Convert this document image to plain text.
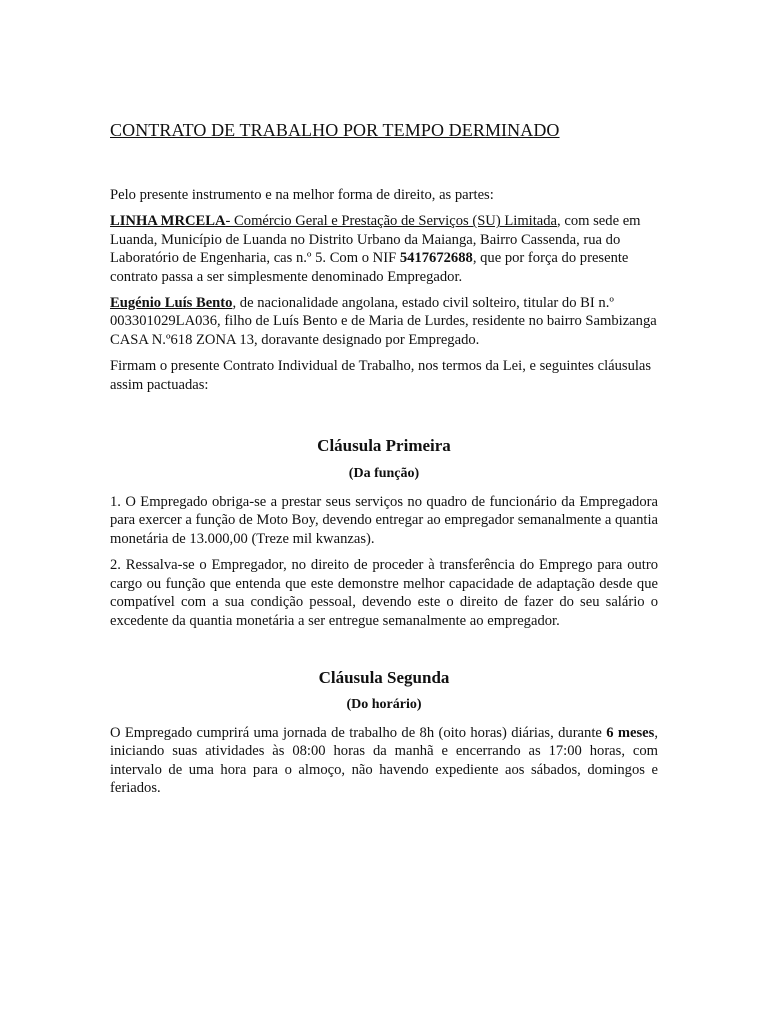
CONTRATO DE TRABALHO POR TEMPO DERMINADO

Pelo presente instrumento e na melhor forma de direito, as partes:

LINHA MRCELA- Comércio Geral e Prestação de Serviços (SU) Limitada, com sede em Luanda, Município de Luanda no Distrito Urbano da Maianga, Bairro Cassenda, rua do Laboratório de Engenharia, cas n.º 5. Com o NIF 5417672688, que por força do presente contrato passa a ser simplesmente denominado Empregador.

Eugénio Luís Bento, de nacionalidade angolana, estado civil solteiro, titular do BI n.º 003301029LA036, filho de Luís Bento e de Maria de Lurdes, residente no bairro Sambizanga CASA N.º618 ZONA 13, doravante designado por Empregado.

Firmam o presente Contrato Individual de Trabalho, nos termos da Lei, e seguintes cláusulas assim pactuadas:

Cláusula Primeira
(Da função)

1. O Empregado obriga-se a prestar seus serviços no quadro de funcionário da Empregadora para exercer a função de Moto Boy, devendo entregar ao empregador semanalmente a quantia monetária de 13.000,00 (Treze mil kwanzas).

2. Ressalva-se o Empregador, no direito de proceder à transferência do Emprego para outro cargo ou função que entenda que este demonstre melhor capacidade de adaptação desde que compatível com a sua condição pessoal, devendo este o direito de fazer do seu salário o excedente da quantia monetária a ser entregue semanalmente ao empregador.

Cláusula Segunda
(Do horário)

O Empregado cumprirá uma jornada de trabalho de 8h (oito horas) diárias, durante 6 meses, iniciando suas atividades às 08:00 horas da manhã e encerrando as 17:00 horas, com intervalo de uma hora para o almoço, não havendo expediente aos sábados, domingos e feriados.
